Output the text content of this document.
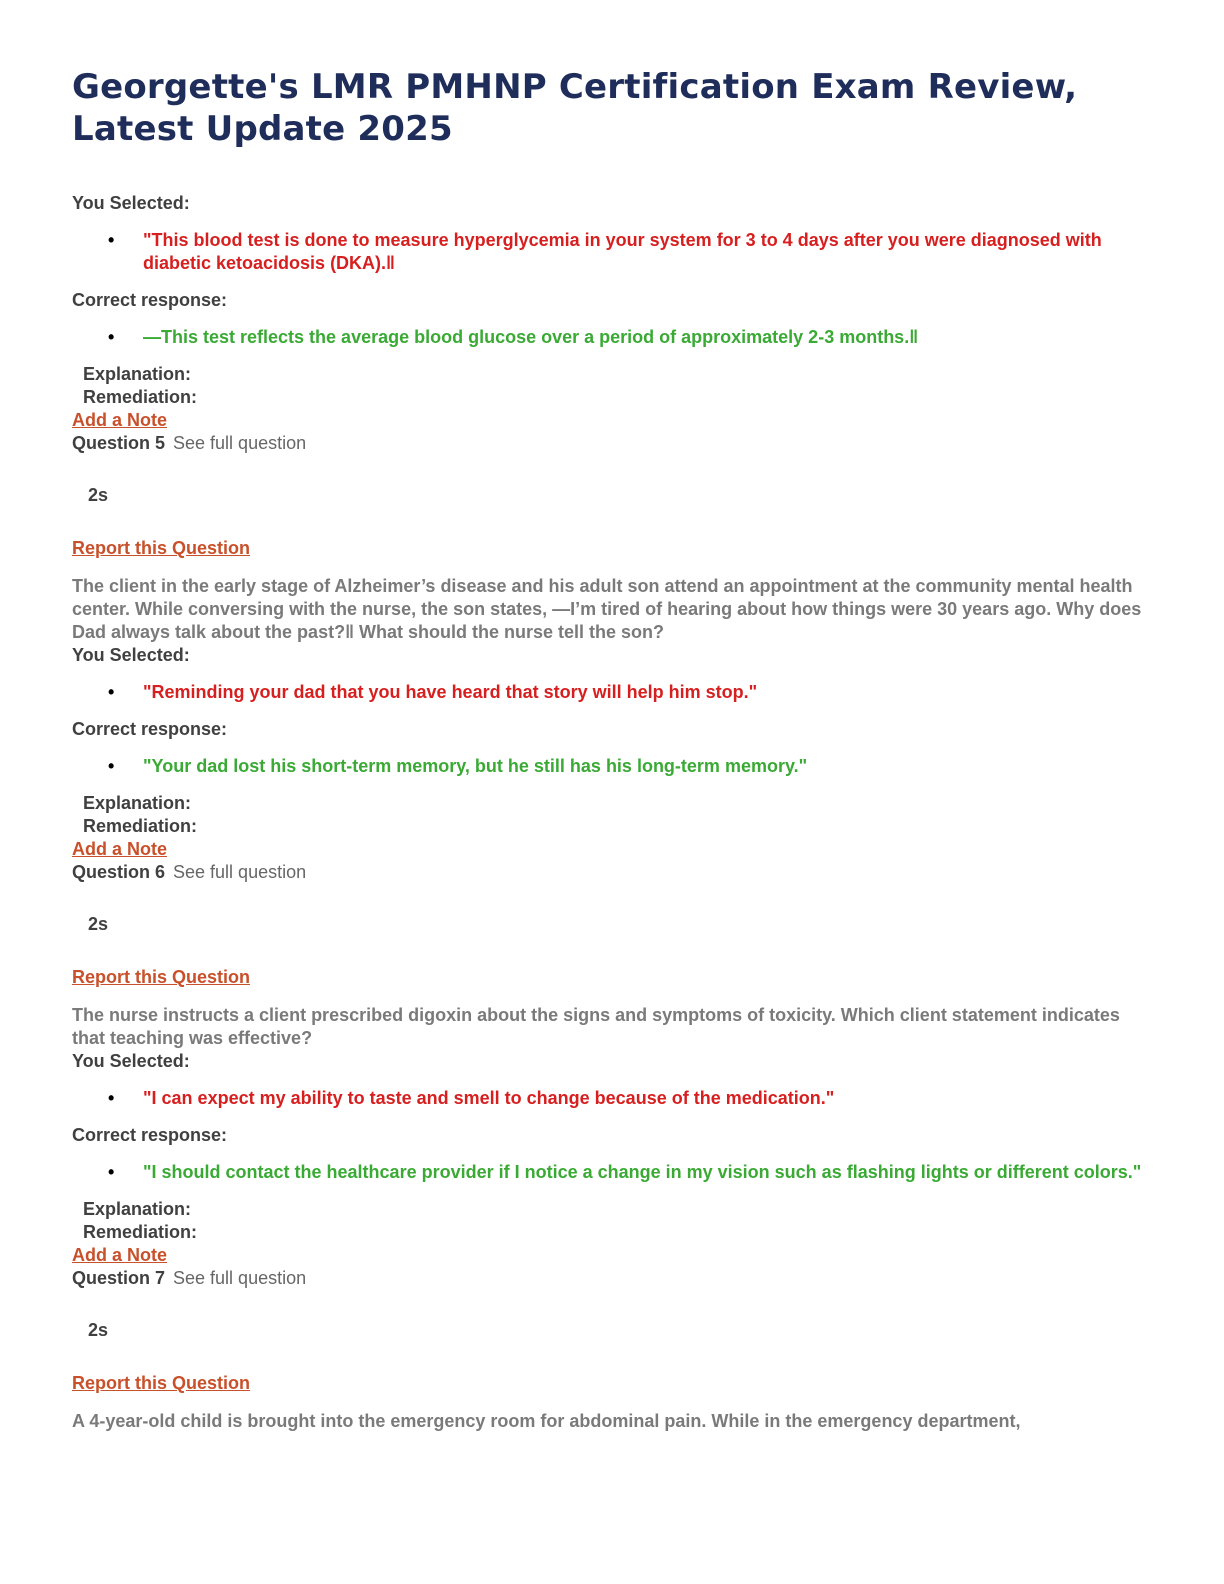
Georgette's LMR PMHNP Certification Exam Review, Latest Update 2025
You Selected:
• "This blood test is done to measure hyperglycemia in your system for 3 to 4 days after you were diagnosed with diabetic ketoacidosis (DKA).‖
Correct response:
• ―This test reflects the average blood glucose over a period of approximately 2-3 months.‖
Explanation:
Remediation:
Add a Note
Question 5 See full question
2s
Report this Question
The client in the early stage of Alzheimer’s disease and his adult son attend an appointment at the community mental health center. While conversing with the nurse, the son states, ―I’m tired of hearing about how things were 30 years ago. Why does Dad always talk about the past?‖ What should the nurse tell the son?
You Selected:
• "Reminding your dad that you have heard that story will help him stop."
Correct response:
• "Your dad lost his short-term memory, but he still has his long-term memory."
Explanation:
Remediation:
Add a Note
Question 6 See full question
2s
Report this Question
The nurse instructs a client prescribed digoxin about the signs and symptoms of toxicity. Which client statement indicates that teaching was effective?
You Selected:
• "I can expect my ability to taste and smell to change because of the medication."
Correct response:
• "I should contact the healthcare provider if I notice a change in my vision such as flashing lights or different colors."
Explanation:
Remediation:
Add a Note
Question 7 See full question
2s
Report this Question
A 4-year-old child is brought into the emergency room for abdominal pain. While in the emergency department,
